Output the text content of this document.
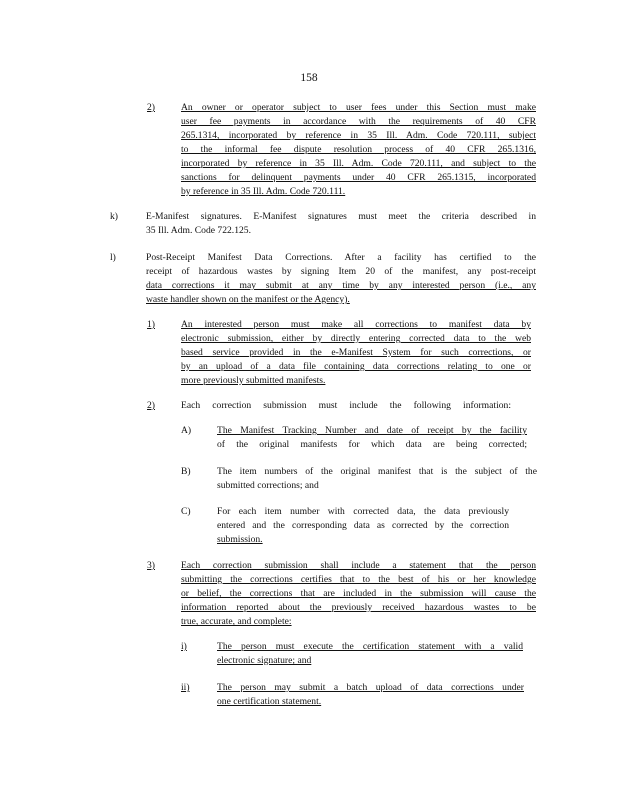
158
2)	An owner or operator subject to user fees under this Section must make
user fee payments in accordance with the requirements of 40 CFR
265.1314, incorporated by reference in 35 Ill. Adm. Code 720.111, subject
to the informal fee dispute resolution process of 40 CFR 265.1316,
incorporated by reference in 35 Ill. Adm. Code 720.111, and subject to the
sanctions for delinquent payments under 40 CFR 265.1315, incorporated
by reference in 35 Ill. Adm. Code 720.111.
k)	E-Manifest signatures. E-Manifest signatures must meet the criteria described in
35 Ill. Adm. Code 722.125.
l)	Post-Receipt Manifest Data Corrections. After a facility has certified to the
receipt of hazardous wastes by signing Item 20 of the manifest, any post-receipt
data corrections it may submit at any time by any interested person (i.e., any
waste handler shown on the manifest or the Agency).
1)	An interested person must make all corrections to manifest data by
electronic submission, either by directly entering corrected data to the web
based service provided in the e-Manifest System for such corrections, or
by an upload of a data file containing data corrections relating to one or
more previously submitted manifests.
2)	Each correction submission must include the following information:
A)	The Manifest Tracking Number and date of receipt by the facility
of the original manifests for which data are being corrected;
B)	The item numbers of the original manifest that is the subject of the
submitted corrections; and
C)	For each item number with corrected data, the data previously
entered and the corresponding data as corrected by the correction
submission.
3)	Each correction submission shall include a statement that the person
submitting the corrections certifies that to the best of his or her knowledge
or belief, the corrections that are included in the submission will cause the
information reported about the previously received hazardous wastes to be
true, accurate, and complete:
i)	The person must execute the certification statement with a valid
electronic signature; and
ii)	The person may submit a batch upload of data corrections under
one certification statement.
